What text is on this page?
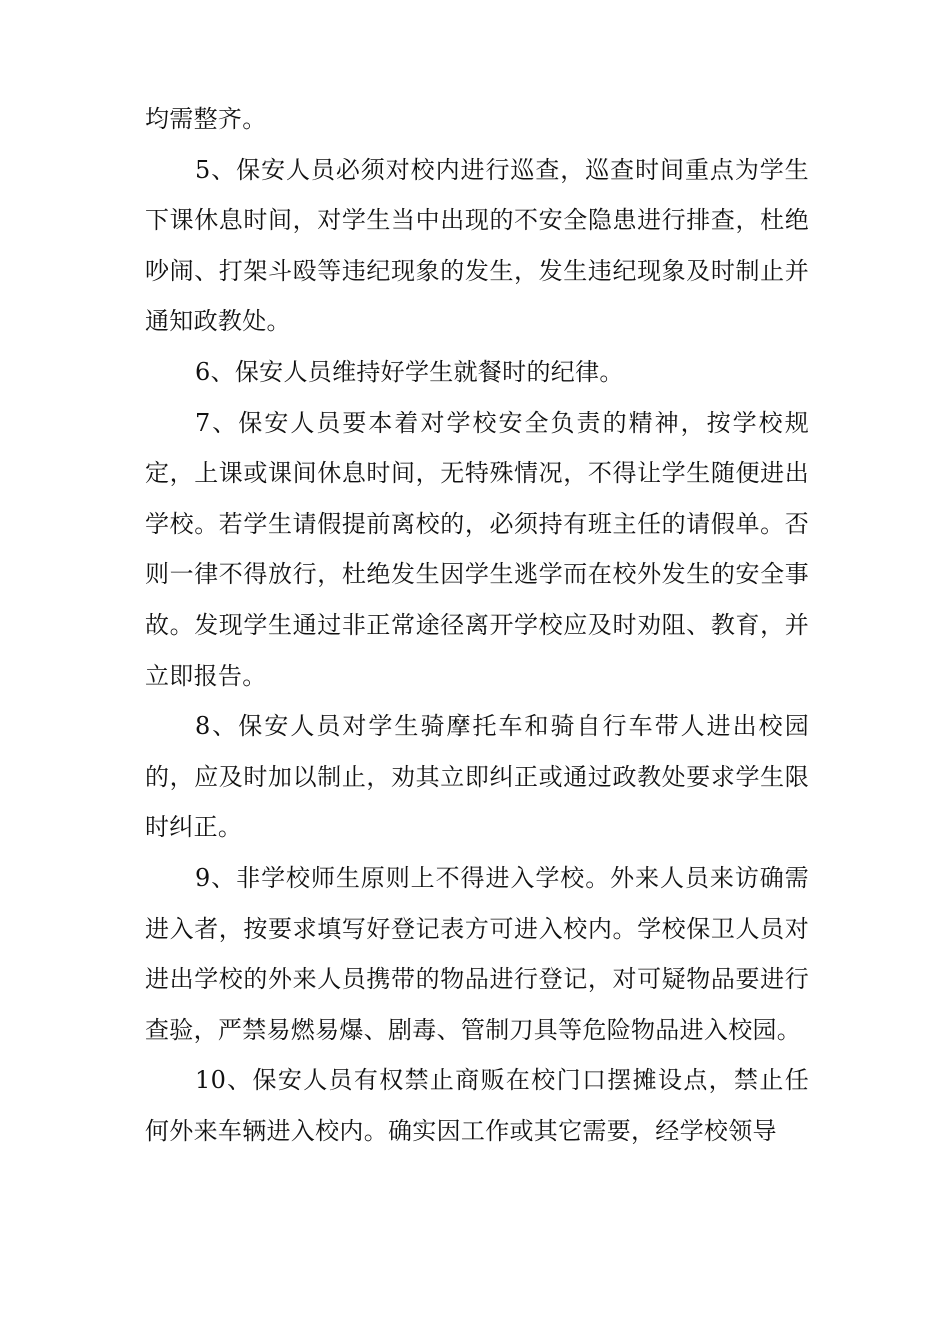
均需整齐。

5、保安人员必须对校内进行巡查，巡查时间重点为学生下课休息时间，对学生当中出现的不安全隐患进行排查，杜绝吵闹、打架斗殴等违纪现象的发生，发生违纪现象及时制止并通知政教处。

6、保安人员维持好学生就餐时的纪律。

7、保安人员要本着对学校安全负责的精神，按学校规定，上课或课间休息时间，无特殊情况，不得让学生随便进出学校。若学生请假提前离校的，必须持有班主任的请假单。否则一律不得放行，杜绝发生因学生逃学而在校外发生的安全事故。发现学生通过非正常途径离开学校应及时劝阻、教育，并立即报告。

8、保安人员对学生骑摩托车和骑自行车带人进出校园的，应及时加以制止，劝其立即纠正或通过政教处要求学生限时纠正。

9、非学校师生原则上不得进入学校。外来人员来访确需进入者，按要求填写好登记表方可进入校内。学校保卫人员对进出学校的外来人员携带的物品进行登记，对可疑物品要进行查验，严禁易燃易爆、剧毒、管制刀具等危险物品进入校园。

10、保安人员有权禁止商贩在校门口摆摊设点，禁止任何外来车辆进入校内。确实因工作或其它需要，经学校领导
